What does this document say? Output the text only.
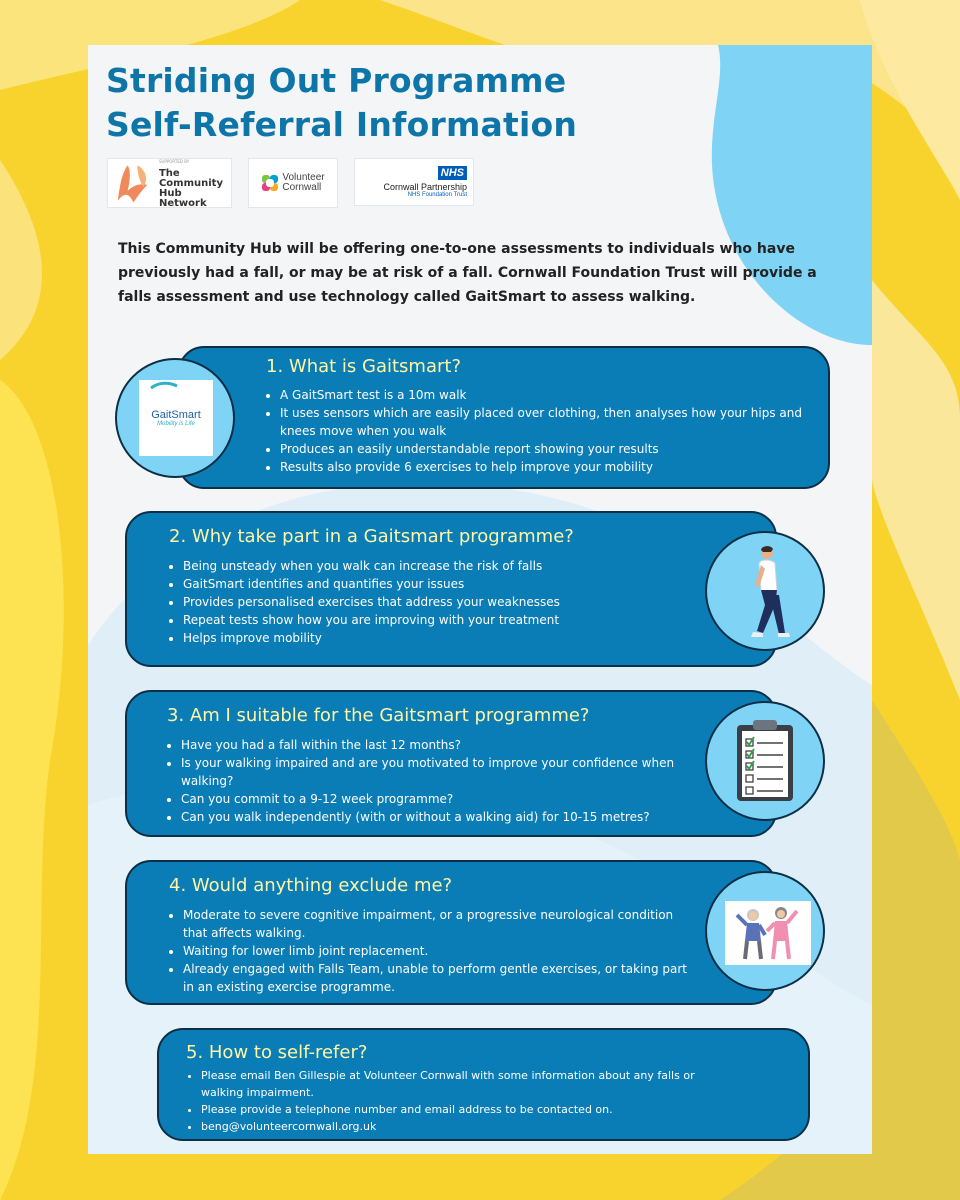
Striding Out Programme
Self-Referral Information
SUPPORTED BY
The
Community
Hub Network
Volunteer
Cornwall
NHS
Cornwall Partnership
NHS Foundation Trust

This Community Hub will be offering one-to-one assessments to individuals who have previously had a fall, or may be at risk of a fall. Cornwall Foundation Trust will provide a falls assessment and use technology called GaitSmart to assess walking.

1. What is Gaitsmart?
• A GaitSmart test is a 10m walk
• It uses sensors which are easily placed over clothing, then analyses how your hips and knees move when you walk
• Produces an easily understandable report showing your results
• Results also provide 6 exercises to help improve your mobility
GaitSmart
Mobility is Life
2. Why take part in a Gaitsmart programme?
• Being unsteady when you walk can increase the risk of falls
• GaitSmart identifies and quantifies your issues
• Provides personalised exercises that address your weaknesses
• Repeat tests show how you are improving with your treatment
• Helps improve mobility
3. Am I suitable for the Gaitsmart programme?
• Have you had a fall within the last 12 months?
• Is your walking impaired and are you motivated to improve your confidence when walking?
• Can you commit to a 9-12 week programme?
• Can you walk independently (with or without a walking aid) for 10-15 metres?
4. Would anything exclude me?
• Moderate to severe cognitive impairment, or a progressive neurological condition that affects walking.
• Waiting for lower limb joint replacement.
• Already engaged with Falls Team, unable to perform gentle exercises, or taking part in an existing exercise programme.
5. How to self-refer?
• Please email Ben Gillespie at Volunteer Cornwall with some information about any falls or walking impairment.
• Please provide a telephone number and email address to be contacted on.
• beng@volunteercornwall.org.uk
